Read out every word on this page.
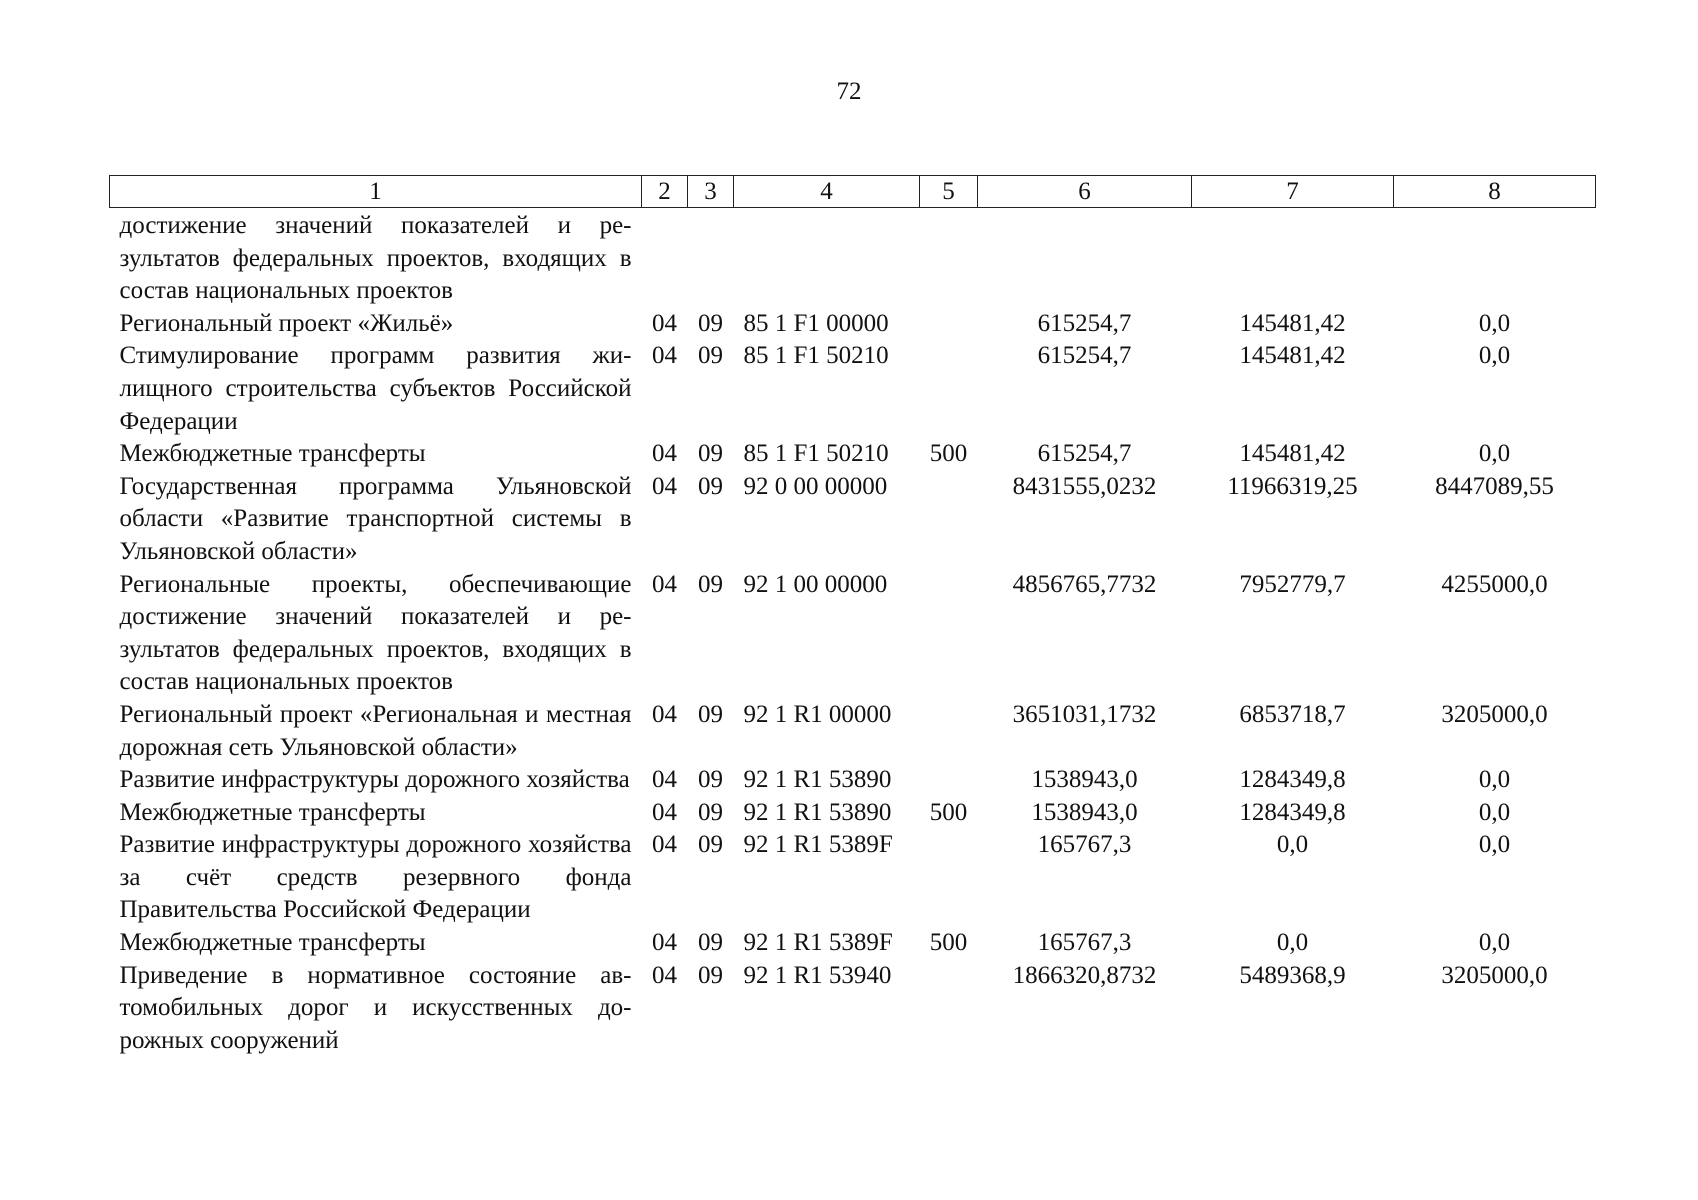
72
1	2	3	4	5	6	7	8
достижение значений показателей и результатов федеральных проектов, входящих в состав национальных проектов							
Региональный проект «Жильё»	04	09	85 1 F1 00000		615254,7	145481,42	0,0
Стимулирование программ развития жилищного строительства субъектов Российской Федерации	04	09	85 1 F1 50210		615254,7	145481,42	0,0
Межбюджетные трансферты	04	09	85 1 F1 50210	500	615254,7	145481,42	0,0
Государственная программа Ульяновской области «Развитие транспортной системы в Ульяновской области»	04	09	92 0 00 00000		8431555,0232	11966319,25	8447089,55
Региональные проекты, обеспечивающие достижение значений показателей и результатов федеральных проектов, входящих в состав национальных проектов	04	09	92 1 00 00000		4856765,7732	7952779,7	4255000,0
Региональный проект «Региональная и местная дорожная сеть Ульяновской области»	04	09	92 1 R1 00000		3651031,1732	6853718,7	3205000,0
Развитие инфраструктуры дорожного хозяйства	04	09	92 1 R1 53890		1538943,0	1284349,8	0,0
Межбюджетные трансферты	04	09	92 1 R1 53890	500	1538943,0	1284349,8	0,0
Развитие инфраструктуры дорожного хозяйства за счёт средств резервного фонда Правительства Российской Федерации	04	09	92 1 R1 5389F		165767,3	0,0	0,0
Межбюджетные трансферты	04	09	92 1 R1 5389F	500	165767,3	0,0	0,0
Приведение в нормативное состояние автомобильных дорог и искусственных дорожных сооружений	04	09	92 1 R1 53940		1866320,8732	5489368,9	3205000,0
